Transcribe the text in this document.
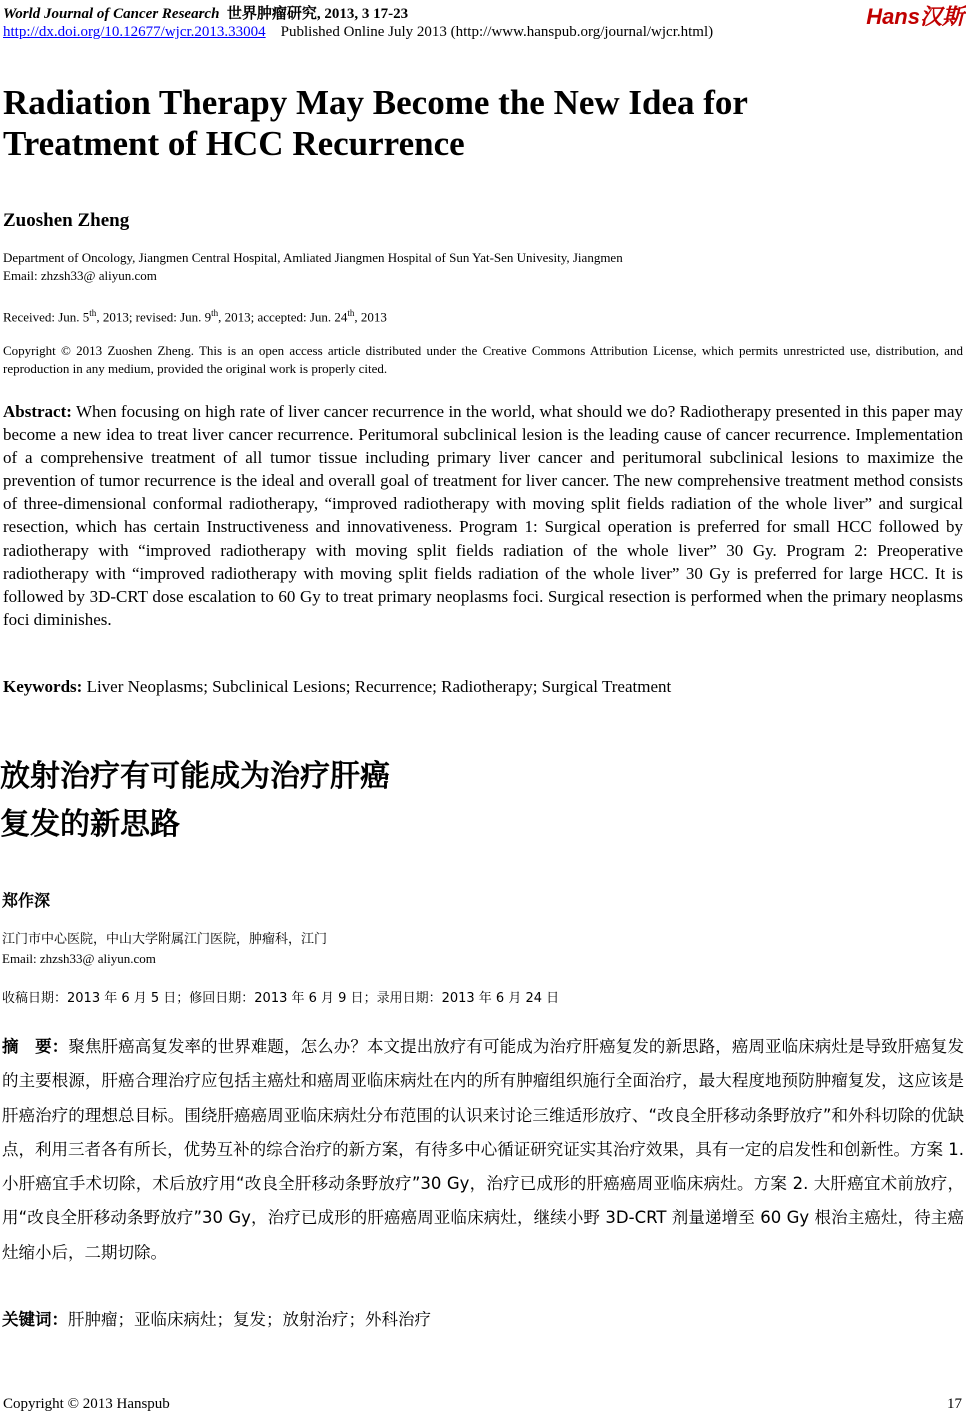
World Journal of Cancer Research 世界肿瘤研究, 2013, 3 17-23
http://dx.doi.org/10.12677/wjcr.2013.33004 Published Online July 2013 (http://www.hanspub.org/journal/wjcr.html)
Hans汉斯
Radiation Therapy May Become the New Idea for Treatment of HCC Recurrence
Zuoshen Zheng
Department of Oncology, Jiangmen Central Hospital, Amliated Jiangmen Hospital of Sun Yat-Sen Univesity, Jiangmen
Email: zhzsh33@ aliyun.com
Received: Jun. 5th, 2013; revised: Jun. 9th, 2013; accepted: Jun. 24th, 2013
Copyright © 2013 Zuoshen Zheng. This is an open access article distributed under the Creative Commons Attribution License, which permits unrestricted use, distribution, and reproduction in any medium, provided the original work is properly cited.
Abstract: When focusing on high rate of liver cancer recurrence in the world, what should we do? Radiotherapy presented in this paper may become a new idea to treat liver cancer recurrence. Peritumoral subclinical lesion is the leading cause of cancer recurrence. Implementation of a comprehensive treatment of all tumor tissue including primary liver cancer and peritumoral subclinical lesions to maximize the prevention of tumor recurrence is the ideal and overall goal of treatment for liver cancer. The new comprehensive treatment method consists of three-dimensional conformal radiotherapy, “improved radiotherapy with moving split fields radiation of the whole liver” and surgical resection, which has certain Instructiveness and innovativeness. Program 1: Surgical operation is preferred for small HCC followed by radiotherapy with “improved radiotherapy with moving split fields radiation of the whole liver” 30 Gy. Program 2: Preoperative radiotherapy with “improved radiotherapy with moving split fields radiation of the whole liver” 30 Gy is preferred for large HCC. It is followed by 3D-CRT dose escalation to 60 Gy to treat primary neoplasms foci. Surgical resection is performed when the primary neoplasms foci diminishes.
Keywords: Liver Neoplasms; Subclinical Lesions; Recurrence; Radiotherapy; Surgical Treatment
放射治疗有可能成为治疗肝癌
复发的新思路
郑作深
江门市中心医院，中山大学附属江门医院，肿瘤科，江门
Email: zhzsh33@ aliyun.com
收稿日期：2013 年 6 月 5 日；修回日期：2013 年 6 月 9 日；录用日期：2013 年 6 月 24 日
摘　要：聚焦肝癌高复发率的世界难题，怎么办？本文提出放疗有可能成为治疗肝癌复发的新思路，癌周亚临床病灶是导致肝癌复发的主要根源，肝癌合理治疗应包括主癌灶和癌周亚临床病灶在内的所有肿瘤组织施行全面治疗，最大程度地预防肿瘤复发，这应该是肝癌治疗的理想总目标。围绕肝癌癌周亚临床病灶分布范围的认识来讨论三维适形放疗、“改良全肝移动条野放疗”和外科切除的优缺点，利用三者各有所长，优势互补的综合治疗的新方案，有待多中心循证研究证实其治疗效果，具有一定的启发性和创新性。方案 1. 小肝癌宜手术切除，术后放疗用“改良全肝移动条野放疗”30 Gy，治疗已成形的肝癌癌周亚临床病灶。方案 2. 大肝癌宜术前放疗，用“改良全肝移动条野放疗”30 Gy，治疗已成形的肝癌癌周亚临床病灶，继续小野 3D-CRT 剂量递增至 60 Gy 根治主癌灶，待主癌灶缩小后，二期切除。
关键词：肝肿瘤；亚临床病灶；复发；放射治疗；外科治疗
Copyright © 2013 Hanspub	17
